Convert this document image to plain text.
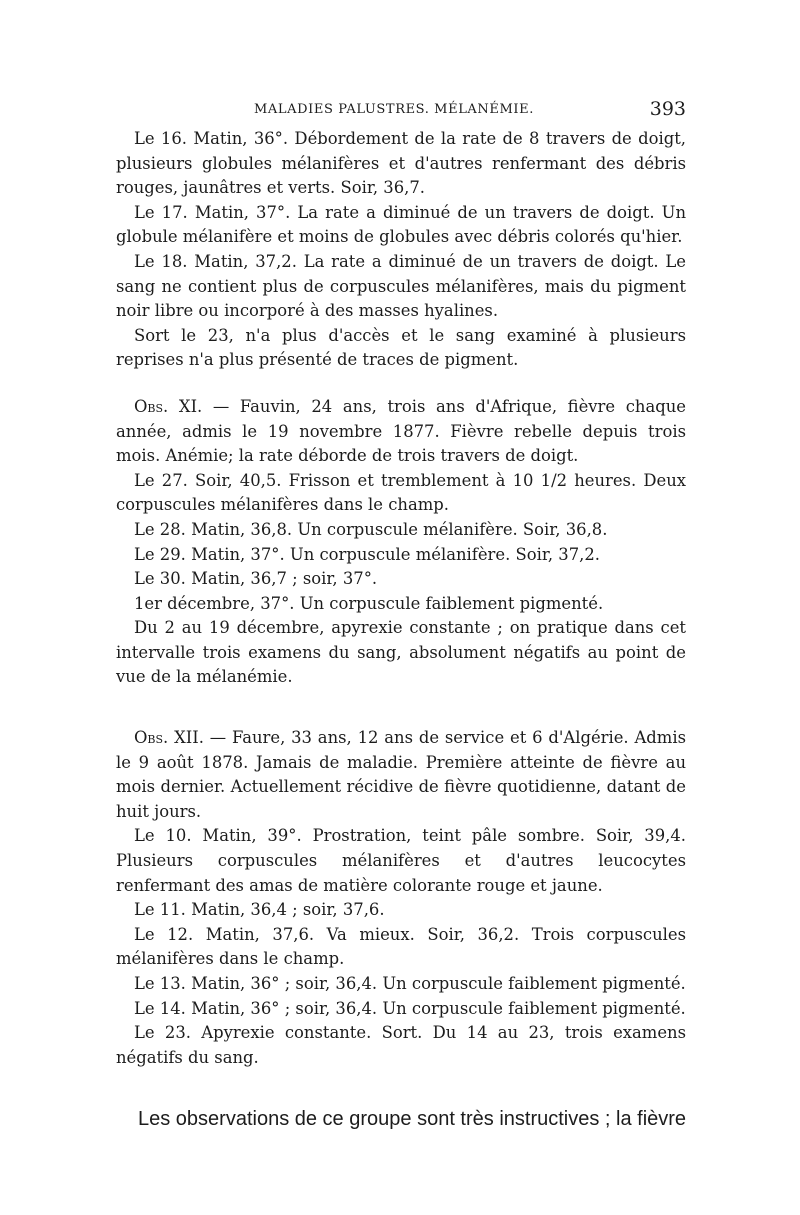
MALADIES PALUSTRES. MÉLANÉMIE.	393

Le 16. Matin, 36°. Débordement de la rate de 8 travers de doigt, plusieurs globules mélanifères et d'autres renfermant des débris rouges, jaunâtres et verts. Soir, 36,7.

Le 17. Matin, 37°. La rate a diminué de un travers de doigt. Un globule mélanifère et moins de globules avec débris colorés qu'hier.

Le 18. Matin, 37,2. La rate a diminué de un travers de doigt. Le sang ne contient plus de corpuscules mélanifères, mais du pigment noir libre ou incorporé à des masses hyalines.

Sort le 23, n'a plus d'accès et le sang examiné à plusieurs reprises n'a plus présenté de traces de pigment.

Obs. XI. — Fauvin, 24 ans, trois ans d'Afrique, fièvre chaque année, admis le 19 novembre 1877. Fièvre rebelle depuis trois mois. Anémie; la rate déborde de trois travers de doigt.

Le 27. Soir, 40,5. Frisson et tremblement à 10 1/2 heures. Deux corpuscules mélanifères dans le champ.

Le 28. Matin, 36,8. Un corpuscule mélanifère. Soir, 36,8.

Le 29. Matin, 37°. Un corpuscule mélanifère. Soir, 37,2.

Le 30. Matin, 36,7 ; soir, 37°.

1er décembre, 37°. Un corpuscule faiblement pigmenté.

Du 2 au 19 décembre, apyrexie constante ; on pratique dans cet intervalle trois examens du sang, absolument négatifs au point de vue de la mélanémie.

Obs. XII. — Faure, 33 ans, 12 ans de service et 6 d'Algérie. Admis le 9 août 1878. Jamais de maladie. Première atteinte de fièvre au mois dernier. Actuellement récidive de fièvre quotidienne, datant de huit jours.

Le 10. Matin, 39°. Prostration, teint pâle sombre. Soir, 39,4. Plusieurs corpuscules mélanifères et d'autres leucocytes renfermant des amas de matière colorante rouge et jaune.

Le 11. Matin, 36,4 ; soir, 37,6.

Le 12. Matin, 37,6. Va mieux. Soir, 36,2. Trois corpuscules mélanifères dans le champ.

Le 13. Matin, 36° ; soir, 36,4. Un corpuscule faiblement pigmenté.

Le 14. Matin, 36° ; soir, 36,4. Un corpuscule faiblement pigmenté.

Le 23. Apyrexie constante. Sort. Du 14 au 23, trois examens négatifs du sang.

Les observations de ce groupe sont très instructives ; la fièvre
